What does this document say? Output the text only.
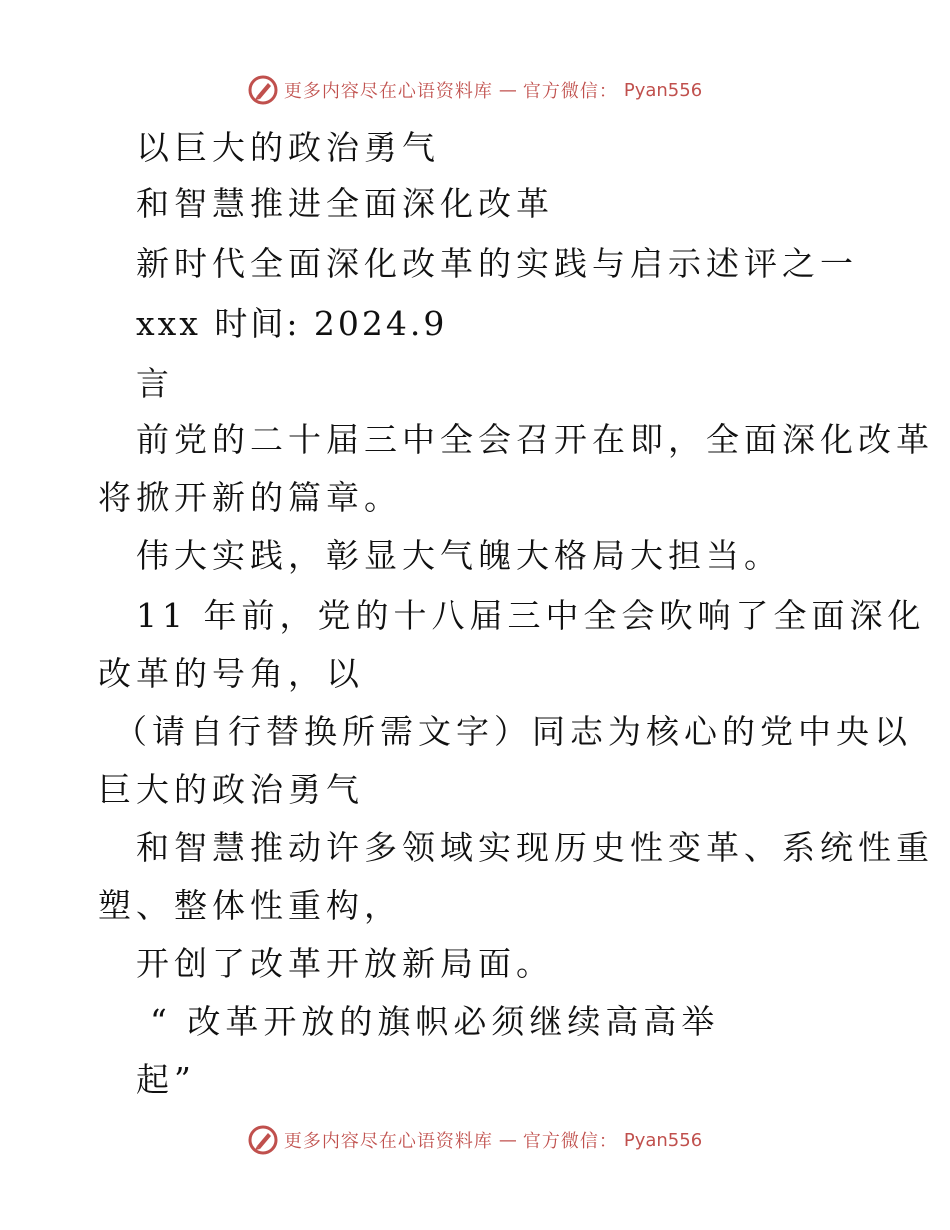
更多内容尽在心语资料库 — 官方微信： Pyan556
以巨大的政治勇气
和智慧推进全面深化改革
新时代全面深化改革的实践与启示述评之一
xxx 时间: 2024.9
言
前党的二十届三中全会召开在即，全面深化改革
将掀开新的篇章。
伟大实践，彰显大气魄大格局大担当。
11 年前，党的十八届三中全会吹响了全面深化
改革的号角，以
（请自行替换所需文字）同志为核心的党中央以
巨大的政治勇气
和智慧推动许多领域实现历史性变革、系统性重
塑、整体性重构，
开创了改革开放新局面。
“ 改革开放的旗帜必须继续高高举
起”
更多内容尽在心语资料库 — 官方微信： Pyan556
